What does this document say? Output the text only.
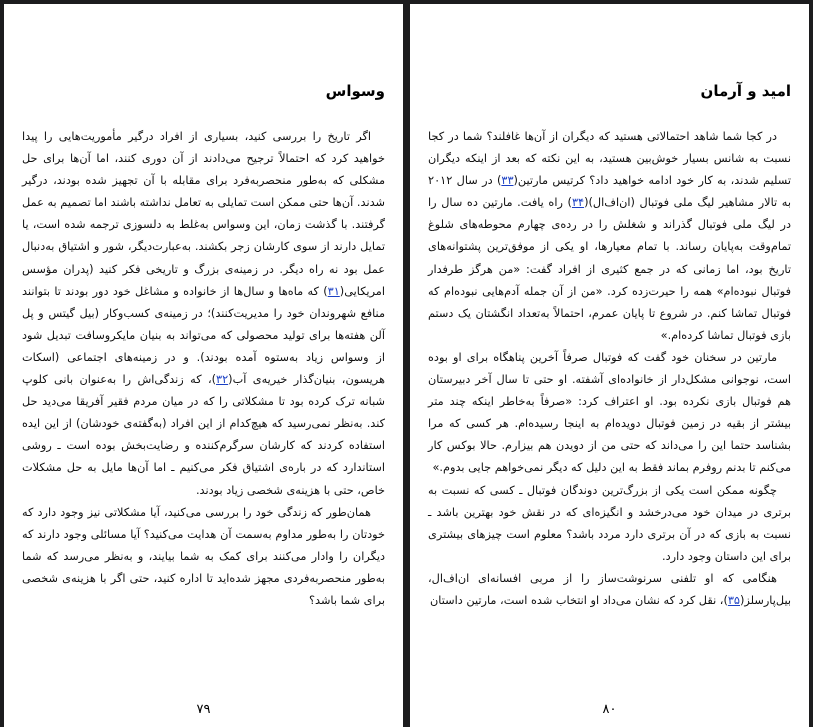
وسواس

اگر تاریخ را بررسی کنید، بسیاری از افراد درگیر مأموریت‌هایی را پیدا خواهید کرد که احتمالاً ترجیح می‌دادند از آن دوری کنند، اما آن‌ها برای حل مشکلی که به‌طور منحصربه‌فرد برای مقابله با آن تجهیز شده بودند، درگیر شدند. آن‌ها حتی ممکن است تمایلی به تعامل نداشته باشند اما تصمیم به عمل گرفتند. با گذشت زمان، این وسواس به‌غلط به دلسوزی ترجمه شده است، یا تمایل دارند از سوی کارشان زجر بکشند. به‌عبارت‌دیگر، شور و اشتیاق به‌دنبال عمل بود نه راه دیگر. در زمینه‌ی بزرگ و تاریخی فکر کنید (پدران مؤسس امریکایی(۳۱) که ماه‌ها و سال‌ها از خانواده و مشاغل خود دور بودند تا بتوانند منافع شهروندان خود را مدیریت‌کنند)؛ در زمینه‌ی کسب‌وکار (بیل گیتس و پل آلن هفته‌ها برای تولید محصولی که می‌تواند به بنیان مایکروسافت تبدیل شود از وسواس زیاد به‌ستوه آمده بودند). و در زمینه‌های اجتماعی (اسکات هریسون، بنیان‌گذار خیریه‌ی آب(۳۲)، که زندگی‌اش را به‌عنوان بانی کلوپ شبانه ترک کرده بود تا مشکلاتی را که در میان مردم فقیر آفریقا می‌دید حل کند. به‌نظر نمی‌رسید که هیچ‌کدام از این افراد (به‌گفته‌ی خودشان) از این ایده استفاده کردند که کارشان سرگرم‌کننده و رضایت‌بخش بوده است ـ روشی استاندارد که در باره‌ی اشتیاق فکر می‌کنیم ـ اما آن‌ها مایل به حل مشکلات خاص، حتی با هزینه‌ی شخصی زیاد بودند.

همان‌طور که زندگی خود را بررسی می‌کنید، آیا مشکلاتی نیز وجود دارد که خودتان را به‌طور مداوم به‌سمت آن هدایت می‌کنید؟ آیا مسائلی وجود دارند که دیگران را وادار می‌کنند برای کمک به شما بیایند، و به‌نظر می‌رسد که شما به‌طور منحصربه‌فردی مجهز شده‌اید تا اداره کنید، حتی اگر با هزینه‌ی شخصی برای شما باشد؟

۷۹
امید و آرمان

در کجا شما شاهد احتمالاتی هستید که دیگران از آن‌ها غافلند؟ شما در کجا نسبت به شانس بسیار خوش‌بین هستید، به این نکته که بعد از اینکه دیگران تسلیم شدند، به کار خود ادامه خواهید داد؟ کرتیس مارتین(۳۳) در سال ۲۰۱۲ به تالار مشاهیر لیگ ملی فوتبال (ان‌اف‌ال)(۳۴) راه یافت. مارتین ده سال را در لیگ ملی فوتبال گذراند و شغلش را در رده‌ی چهارم محوطه‌های شلوغ تمام‌وقت به‌پایان رساند. با تمام معیارها، او یکی از موفق‌ترین پشتوانه‌های تاریخ بود، اما زمانی که در جمع کثیری از افراد گفت: «من هرگز طرفدار فوتبال نبوده‌ام» همه را حیرت‌زده کرد. «من از آن جمله آدم‌هایی نبوده‌ام که فوتبال تماشا کنم. در شروع تا پایان عمرم، احتمالاً به‌تعداد انگشتان یک دستم بازی فوتبال تماشا کرده‌ام.»

مارتین در سخنان خود گفت که فوتبال صرفاً آخرین پناهگاه برای او بوده است، نوجوانی مشکل‌دار از خانواده‌ای آشفته. او حتی تا سال آخر دبیرستان هم فوتبال بازی نکرده بود. او اعتراف کرد: «صرفاً به‌خاطر اینکه چند متر بیشتر از بقیه در زمین فوتبال دویده‌ام به اینجا رسیده‌ام. هر کسی که مرا بشناسد حتما این را می‌داند که حتی من از دویدن هم بیزارم. حالا بوکس کار می‌کنم تا بدنم روفرم بماند فقط به این دلیل که دیگر نمی‌خواهم جایی بدوم.»

چگونه ممکن است یکی از بزرگ‌ترین دوندگان فوتبال ـ کسی که نسبت به برتری در میدان خود می‌درخشد و انگیزه‌ای که در نقش خود بهترین باشد ـ نسبت به بازی که در آن برتری دارد مردد باشد؟ معلوم است چیزهای بیشتری برای این داستان وجود دارد.

هنگامی که او تلفنی سرنوشت‌ساز را از مربی افسانه‌ای ان‌اف‌ال، بیل‌پارسلز(۳۵)، نقل کرد که نشان می‌داد او انتخاب شده است، مارتین داستان

۸۰
